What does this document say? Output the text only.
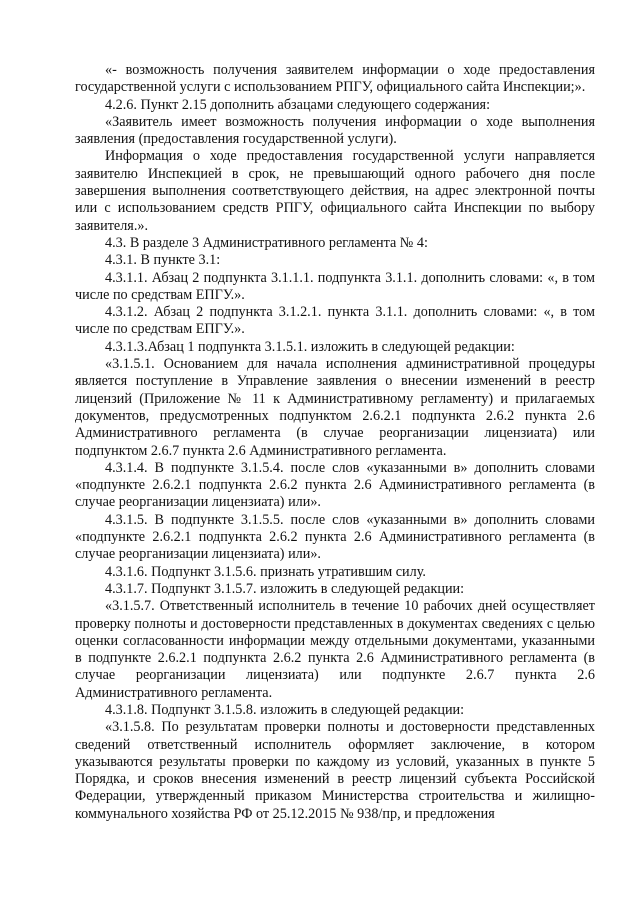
«- возможность получения заявителем информации о ходе предоставления государственной услуги с использованием РПГУ, официального сайта Инспекции;».

4.2.6. Пункт 2.15 дополнить абзацами следующего содержания:

«Заявитель имеет возможность получения информации о ходе выполнения заявления (предоставления государственной услуги).

Информация о ходе предоставления государственной услуги направляется заявителю Инспекцией в срок, не превышающий одного рабочего дня после завершения выполнения соответствующего действия, на адрес электронной почты или с использованием средств РПГУ, официального сайта Инспекции по выбору заявителя.».

4.3. В разделе 3 Административного регламента № 4:

4.3.1. В пункте 3.1:

4.3.1.1. Абзац 2 подпункта 3.1.1.1. подпункта 3.1.1. дополнить словами: «, в том числе по средствам ЕПГУ.».

4.3.1.2. Абзац 2 подпункта 3.1.2.1. пункта 3.1.1. дополнить словами: «, в том числе по средствам ЕПГУ.».

4.3.1.3.Абзац 1 подпункта 3.1.5.1. изложить в следующей редакции:

«3.1.5.1. Основанием для начала исполнения административной процедуры является поступление в Управление заявления о внесении изменений в реестр лицензий (Приложение № 11 к Административному регламенту) и прилагаемых документов, предусмотренных подпунктом 2.6.2.1 подпункта 2.6.2 пункта 2.6 Административного регламента (в случае реорганизации лицензиата) или подпунктом 2.6.7 пункта 2.6 Административного регламента.

4.3.1.4. В подпункте 3.1.5.4. после слов «указанными в» дополнить словами «подпункте 2.6.2.1 подпункта 2.6.2 пункта 2.6 Административного регламента (в случае реорганизации лицензиата) или».

4.3.1.5. В подпункте 3.1.5.5. после слов «указанными в» дополнить словами «подпункте 2.6.2.1 подпункта 2.6.2 пункта 2.6 Административного регламента (в случае реорганизации лицензиата) или».

4.3.1.6. Подпункт 3.1.5.6. признать утратившим силу.

4.3.1.7. Подпункт 3.1.5.7. изложить в следующей редакции:

«3.1.5.7. Ответственный исполнитель в течение 10 рабочих дней осуществляет проверку полноты и достоверности представленных в документах сведениях с целью оценки согласованности информации между отдельными документами, указанными в подпункте 2.6.2.1 подпункта 2.6.2 пункта 2.6 Административного регламента (в случае реорганизации лицензиата) или подпункте 2.6.7 пункта 2.6 Административного регламента.

4.3.1.8. Подпункт 3.1.5.8. изложить в следующей редакции:

«3.1.5.8. По результатам проверки полноты и достоверности представленных сведений ответственный исполнитель оформляет заключение, в котором указываются результаты проверки по каждому из условий, указанных в пункте 5 Порядка, и сроков внесения изменений в реестр лицензий субъекта Российской Федерации, утвержденный приказом Министерства строительства и жилищно-коммунального хозяйства РФ от 25.12.2015 № 938/пр, и предложения
